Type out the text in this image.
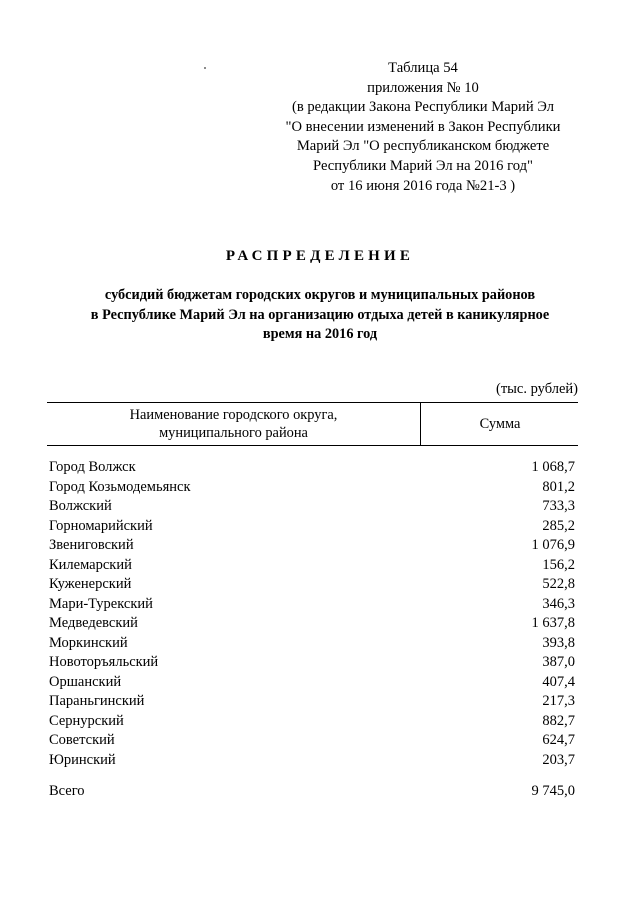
Таблица 54
приложения № 10
(в редакции Закона Республики Марий Эл
"О внесении изменений в Закон Республики
Марий Эл "О республиканском бюджете
Республики Марий Эл на 2016 год"
от 16 июня 2016 года №21-3 )
РАСПРЕДЕЛЕНИЕ
субсидий бюджетам городских округов и муниципальных районов
в Республике Марий Эл на организацию отдыха детей в каникулярное
время на 2016 год
(тыс. рублей)
Наименование городского округа,
муниципального района
Сумма
Город Волжск	1 068,7
Город Козьмодемьянск	801,2
Волжский	733,3
Горномарийский	285,2
Звениговский	1 076,9
Килемарский	156,2
Куженерский	522,8
Мари-Турекский	346,3
Медведевский	1 637,8
Моркинский	393,8
Новоторъяльский	387,0
Оршанский	407,4
Параньгинский	217,3
Сернурский	882,7
Советский	624,7
Юринский	203,7
Всего	9 745,0
